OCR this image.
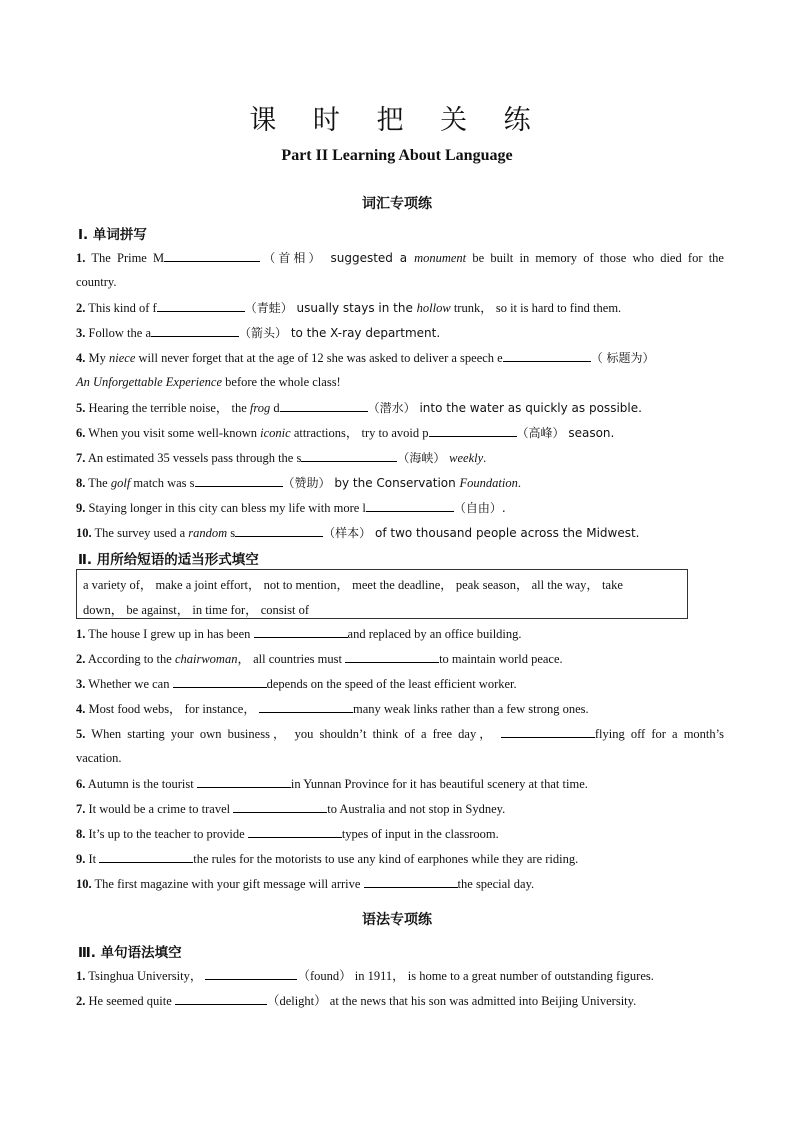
课 时 把 关 练
Part II Learning About Language
词汇专项练
Ⅰ. 单词拼写
1. The Prime M	（首相） suggested a monument be built in memory of those who died for the
country.
2. This kind of f	（青蛙） usually stays in the hollow trunk， so it is hard to find them.
3. Follow the a	（箭头） to the X-ray department.
4. My niece will never forget that at the age of 12 she was asked to deliver a speech e	（ 标题为）
An Unforgettable Experience before the whole class!
5. Hearing the terrible noise， the frog d	（潜水） into the water as quickly as possible.
6. When you visit some well-known iconic attractions， try to avoid p	（高峰） season.
7. An estimated 35 vessels pass through the s	（海峡） weekly.
8. The golf match was s	（赞助） by the Conservation Foundation.
9. Staying longer in this city can bless my life with more l	（自由）.
10. The survey used a random s	（样本） of two thousand people across the Midwest.
Ⅱ. 用所给短语的适当形式填空
a variety of， make a joint effort， not to mention， meet the deadline， peak season， all the way， take
down， be against， in time for， consist of
1. The house I grew up in has been	and replaced by an office building.
2. According to the chairwoman， all countries must	to maintain world peace.
3. Whether we can	depends on the speed of the least efficient worker.
4. Most food webs， for instance，	many weak links rather than a few strong ones.
5. When starting your own business， you shouldn’t think of a free day，	flying off for a month’s
vacation.
6. Autumn is the tourist	in Yunnan Province for it has beautiful scenery at that time.
7. It would be a crime to travel	to Australia and not stop in Sydney.
8. It’s up to the teacher to provide	types of input in the classroom.
9. It	the rules for the motorists to use any kind of earphones while they are riding.
10. The first magazine with your gift message will arrive	the special day.
语法专项练
Ⅲ. 单句语法填空
1. Tsinghua University，	（found） in 1911， is home to a great number of outstanding figures.
2. He seemed quite	（delight） at the news that his son was admitted into Beijing University.
